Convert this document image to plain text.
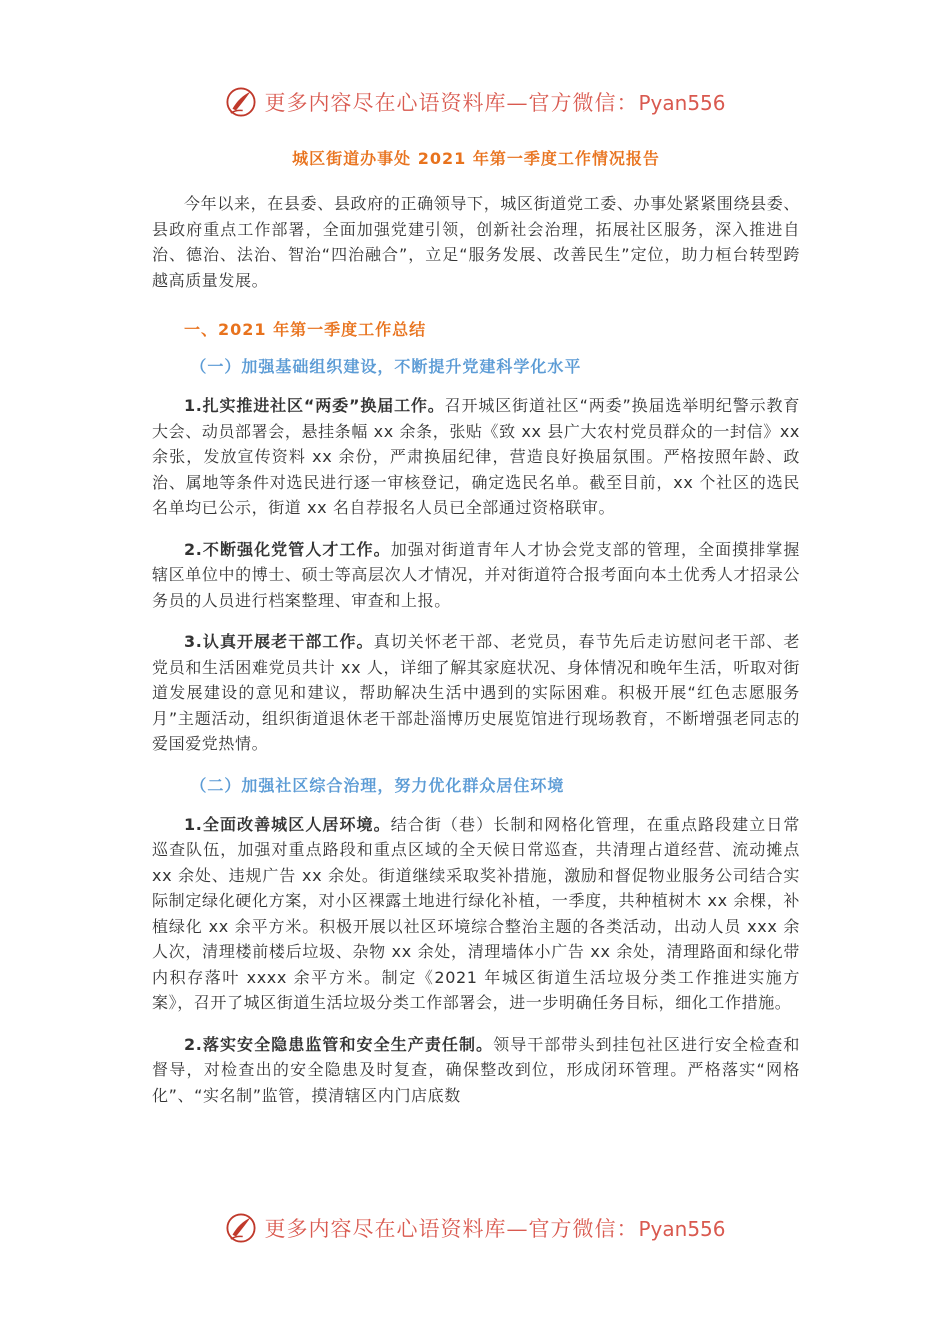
更多内容尽在心语资料库—官方微信：Pyan556
城区街道办事处 2021 年第一季度工作情况报告

今年以来，在县委、县政府的正确领导下，城区街道党工委、办事处紧紧围绕县委、县政府重点工作部署，全面加强党建引领，创新社会治理，拓展社区服务，深入推进自治、德治、法治、智治“四治融合”，立足“服务发展、改善民生”定位，助力桓台转型跨越高质量发展。

一、2021 年第一季度工作总结
（一）加强基础组织建设，不断提升党建科学化水平

1.扎实推进社区“两委”换届工作。召开城区街道社区“两委”换届选举明纪警示教育大会、动员部署会，悬挂条幅 xx 余条，张贴《致 xx 县广大农村党员群众的一封信》xx 余张，发放宣传资料 xx 余份，严肃换届纪律，营造良好换届氛围。严格按照年龄、政治、属地等条件对选民进行逐一审核登记，确定选民名单。截至目前，xx 个社区的选民名单均已公示，街道 xx 名自荐报名人员已全部通过资格联审。

2.不断强化党管人才工作。加强对街道青年人才协会党支部的管理，全面摸排掌握辖区单位中的博士、硕士等高层次人才情况，并对街道符合报考面向本土优秀人才招录公务员的人员进行档案整理、审查和上报。

3.认真开展老干部工作。真切关怀老干部、老党员，春节先后走访慰问老干部、老党员和生活困难党员共计 xx 人，详细了解其家庭状况、身体情况和晚年生活，听取对街道发展建设的意见和建议，帮助解决生活中遇到的实际困难。积极开展“红色志愿服务月”主题活动，组织街道退休老干部赴淄博历史展览馆进行现场教育，不断增强老同志的爱国爱党热情。

（二）加强社区综合治理，努力优化群众居住环境

1.全面改善城区人居环境。结合街（巷）长制和网格化管理，在重点路段建立日常巡查队伍，加强对重点路段和重点区域的全天候日常巡查，共清理占道经营、流动摊点 xx 余处、违规广告 xx 余处。街道继续采取奖补措施，激励和督促物业服务公司结合实际制定绿化硬化方案，对小区裸露土地进行绿化补植，一季度，共种植树木 xx 余棵，补植绿化 xx 余平方米。积极开展以社区环境综合整治主题的各类活动，出动人员 xxx 余人次，清理楼前楼后垃圾、杂物 xx 余处，清理墙体小广告 xx 余处，清理路面和绿化带内积存落叶 xxxx 余平方米。制定《2021 年城区街道生活垃圾分类工作推进实施方案》，召开了城区街道生活垃圾分类工作部署会，进一步明确任务目标，细化工作措施。

2.落实安全隐患监管和安全生产责任制。领导干部带头到挂包社区进行安全检查和督导，对检查出的安全隐患及时复查，确保整改到位，形成闭环管理。严格落实“网格化”、“实名制”监管，摸清辖区内门店底数

更多内容尽在心语资料库—官方微信：Pyan556
